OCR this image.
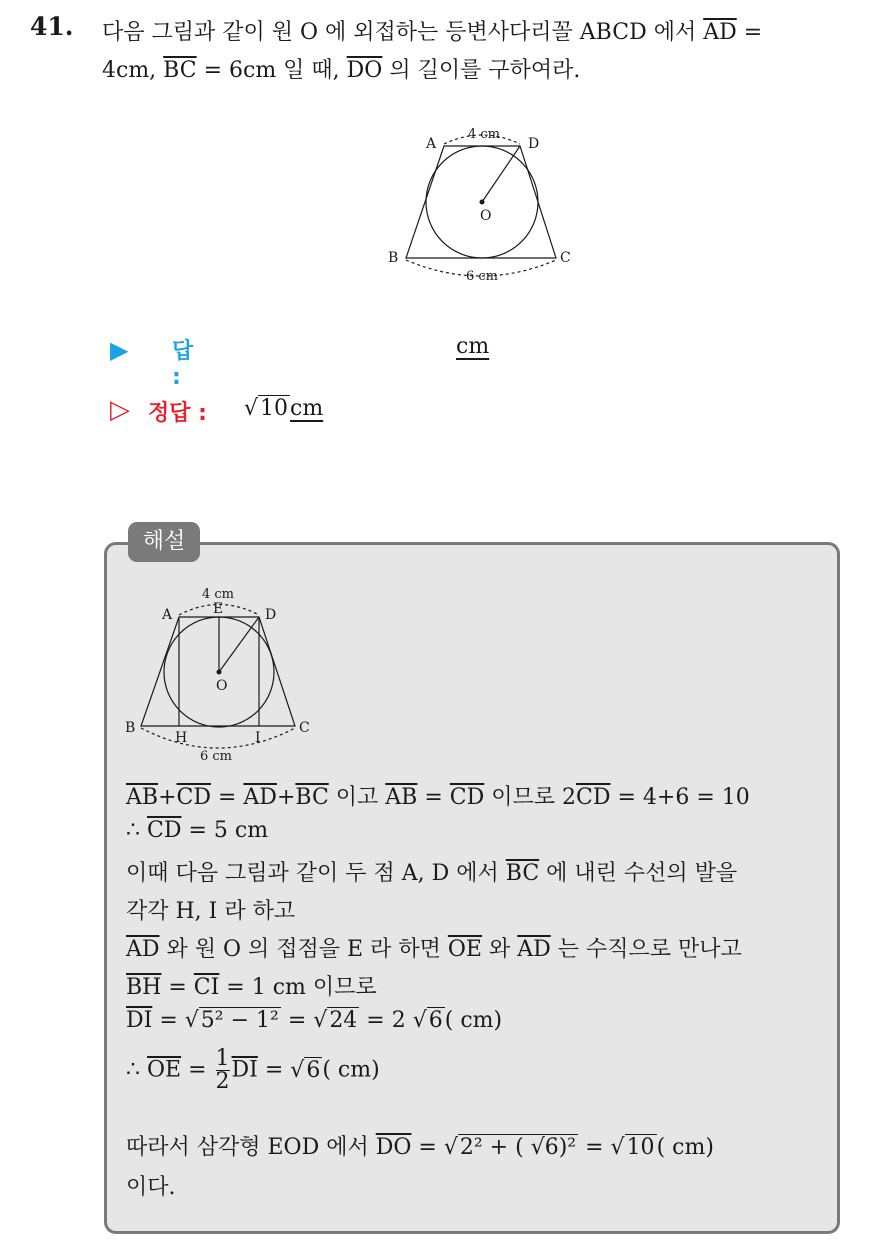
41. 다음 그림과 같이 원 O 에 외접하는 등변사다리꼴 ABCD 에서 $\overline{AD}$ =
4cm, $\overline{BC} = 6cm$ 일 때, $\overline{DO}$ 의 길이를 구하여라.
A	D
B	C
O
4 cm
6 cm
▶ 답 :
cm
▷ 정답 : √10cm
해설
A	D
E
O
B	C
H	I
4 cm
6 cm
$\overline{AB}+\overline{CD} = \overline{AD}+\overline{BC}$ 이고 $\overline{AB} = \overline{CD}$ 이므로 $2\overline{CD} = 4+6 = 10$
∴ $\overline{CD} = 5$ cm
이때 다음 그림과 같이 두 점 A, D 에서 $\overline{BC}$ 에 내린 수선의 발을
각각 H, I 라 하고
$\overline{AD}$ 와 원 O 의 접점을 E 라 하면 $\overline{OE}$ 와 $\overline{AD}$ 는 수직으로 만나고
$\overline{BH} = \overline{CI} = 1$ cm 이므로
$\overline{DI} = √5^2 - 1^2 = √24 = 2$ √6( cm)
∴ $\overline{OE} = \frac{1}{2} \overline{DI} = √6$( cm)
따라서 삼각형 EOD 에서 $\overline{DO} = √2^2$ + ( √6)² = √10( cm)
이다.
